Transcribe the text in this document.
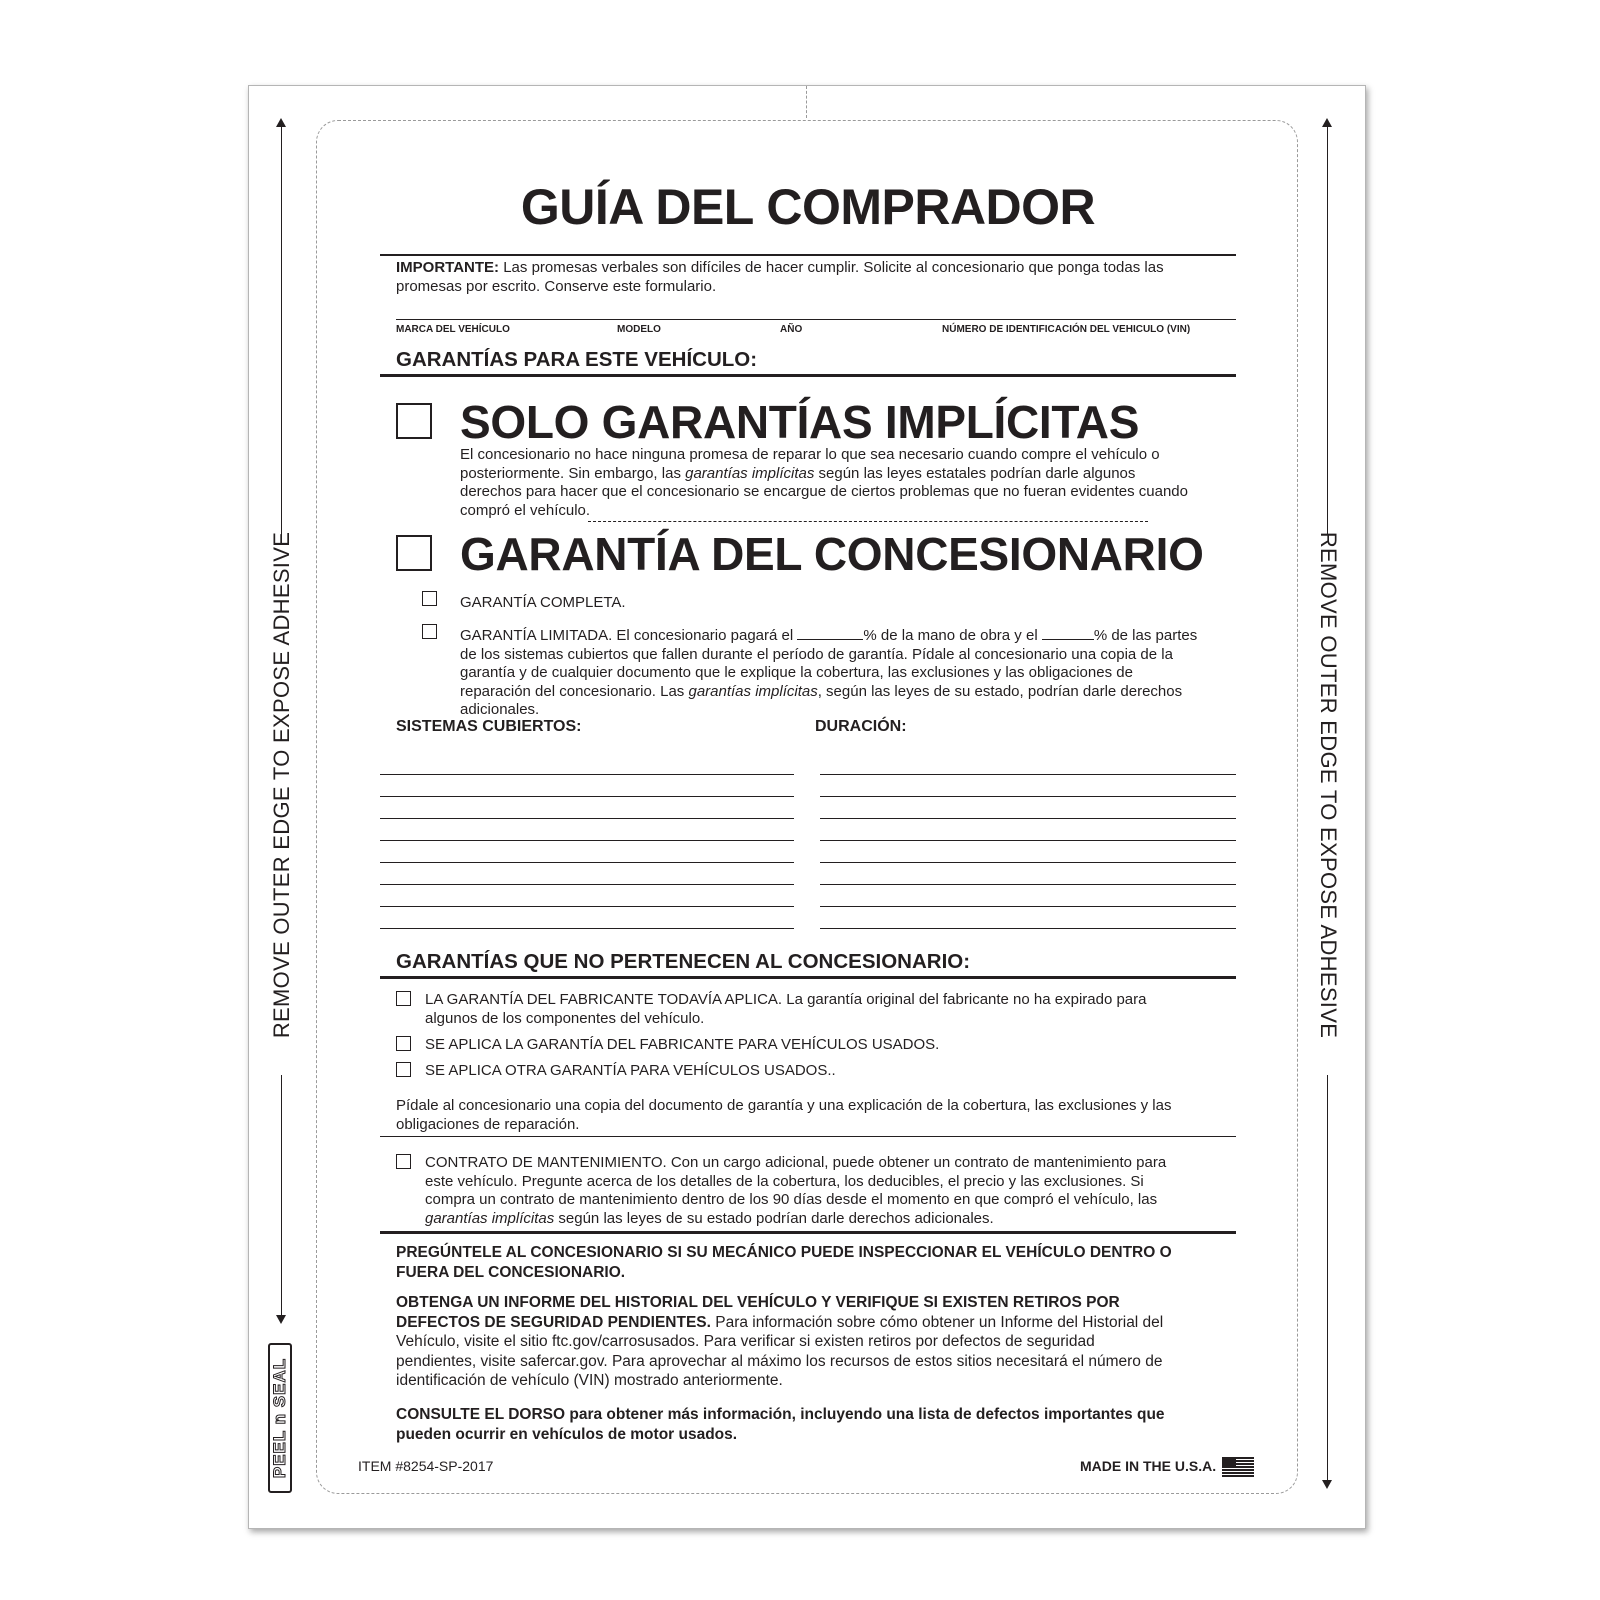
REMOVE OUTER EDGE TO EXPOSE ADHESIVE	REMOVE OUTER EDGE TO EXPOSE ADHESIVE
PEEL n SEAL
GUÍA DEL COMPRADOR
IMPORTANTE: Las promesas verbales son difíciles de hacer cumplir. Solicite al concesionario que ponga todas las
promesas por escrito. Conserve este formulario.
MARCA DEL VEHÍCULO	MODELO	AÑO	NÚMERO DE IDENTIFICACIÓN DEL VEHICULO (VIN)
GARANTÍAS PARA ESTE VEHÍCULO:
SOLO GARANTÍAS IMPLÍCITAS
El concesionario no hace ninguna promesa de reparar lo que sea necesario cuando compre el vehículo o
posteriormente. Sin embargo, las garantías implícitas según las leyes estatales podrían darle algunos
derechos para hacer que el concesionario se encargue de ciertos problemas que no fueran evidentes cuando
compró el vehículo.
GARANTÍA DEL CONCESIONARIO
GARANTÍA COMPLETA.
GARANTÍA LIMITADA. El concesionario pagará el	% de la mano de obra y el	% de las partes
de los sistemas cubiertos que fallen durante el período de garantía. Pídale al concesionario una copia de la
garantía y de cualquier documento que le explique la cobertura, las exclusiones y las obligaciones de
reparación del concesionario. Las garantías implícitas, según las leyes de su estado, podrían darle derechos
adicionales.
SISTEMAS CUBIERTOS:	DURACIÓN:
GARANTÍAS QUE NO PERTENECEN AL CONCESIONARIO:
LA GARANTÍA DEL FABRICANTE TODAVÍA APLICA. La garantía original del fabricante no ha expirado para
algunos de los componentes del vehículo.
SE APLICA LA GARANTÍA DEL FABRICANTE PARA VEHÍCULOS USADOS.
SE APLICA OTRA GARANTÍA PARA VEHÍCULOS USADOS..
Pídale al concesionario una copia del documento de garantía y una explicación de la cobertura, las exclusiones y las
obligaciones de reparación.
CONTRATO DE MANTENIMIENTO. Con un cargo adicional, puede obtener un contrato de mantenimiento para
este vehículo. Pregunte acerca de los detalles de la cobertura, los deducibles, el precio y las exclusiones. Si
compra un contrato de mantenimiento dentro de los 90 días desde el momento en que compró el vehículo, las
garantías implícitas según las leyes de su estado podrían darle derechos adicionales.
PREGÚNTELE AL CONCESIONARIO SI SU MECÁNICO PUEDE INSPECCIONAR EL VEHÍCULO DENTRO O
FUERA DEL CONCESIONARIO.
OBTENGA UN INFORME DEL HISTORIAL DEL VEHÍCULO Y VERIFIQUE SI EXISTEN RETIROS POR
DEFECTOS DE SEGURIDAD PENDIENTES. Para información sobre cómo obtener un Informe del Historial del
Vehículo, visite el sitio ftc.gov/carrosusados. Para verificar si existen retiros por defectos de seguridad
pendientes, visite safercar.gov. Para aprovechar al máximo los recursos de estos sitios necesitará el número de
identificación de vehículo (VIN) mostrado anteriormente.
CONSULTE EL DORSO para obtener más información, incluyendo una lista de defectos importantes que
pueden ocurrir en vehículos de motor usados.
ITEM #8254-SP-2017	MADE IN THE U.S.A.
